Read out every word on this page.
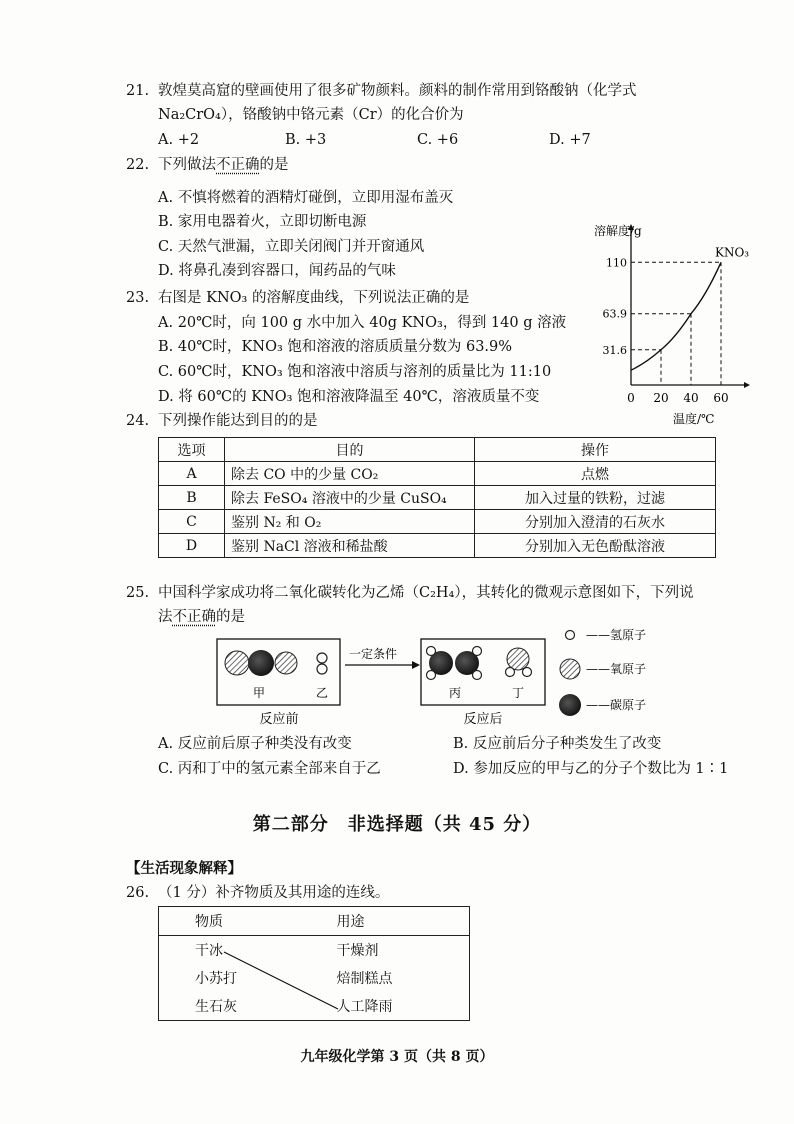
21. 敦煌莫高窟的壁画使用了很多矿物颜料。颜料的制作常用到铬酸钠（化学式
Na₂CrO₄），铬酸钠中铬元素（Cr）的化合价为
A. +2	B. +3	C. +6	D. +7
22. 下列做法不正确的是
A. 不慎将燃着的酒精灯碰倒，立即用湿布盖灭
B. 家用电器着火，立即切断电源
C. 天然气泄漏，立即关闭阀门并开窗通风
D. 将鼻孔凑到容器口，闻药品的气味
23. 右图是 KNO₃ 的溶解度曲线，下列说法正确的是
A. 20℃时，向 100 g 水中加入 40g KNO₃，得到 140 g 溶液
B. 40℃时，KNO₃ 饱和溶液的溶质质量分数为 63.9%
C. 60℃时，KNO₃ 饱和溶液中溶质与溶剂的质量比为 11:10
D. 将 60℃的 KNO₃ 饱和溶液降温至 40℃，溶液质量不变
溶解度/g
温度/℃
KNO₃
31.6
63.9
110
0 20 40 60
24. 下列操作能达到目的的是
选项	目的	操作
A	除去 CO 中的少量 CO₂	点燃
B	除去 FeSO₄ 溶液中的少量 CuSO₄	加入过量的铁粉，过滤
C	鉴别 N₂ 和 O₂	分别加入澄清的石灰水
D	鉴别 NaCl 溶液和稀盐酸	分别加入无色酚酞溶液
25. 中国科学家成功将二氧化碳转化为乙烯（C₂H₄），其转化的微观示意图如下，下列说
法不正确的是
甲	乙
一定条件
丙	丁
反应前	反应后
——氢原子
——氧原子
——碳原子
A. 反应前后原子种类没有改变	B. 反应前后分子种类发生了改变
C. 丙和丁中的氢元素全部来自于乙	D. 参加反应的甲与乙的分子个数比为 1∶1
第二部分　非选择题（共 45 分）
【生活现象解释】
26. （1 分）补齐物质及其用途的连线。
物质	用途
干冰	干燥剂
小苏打	焙制糕点
生石灰	人工降雨
九年级化学第 3 页（共 8 页）
